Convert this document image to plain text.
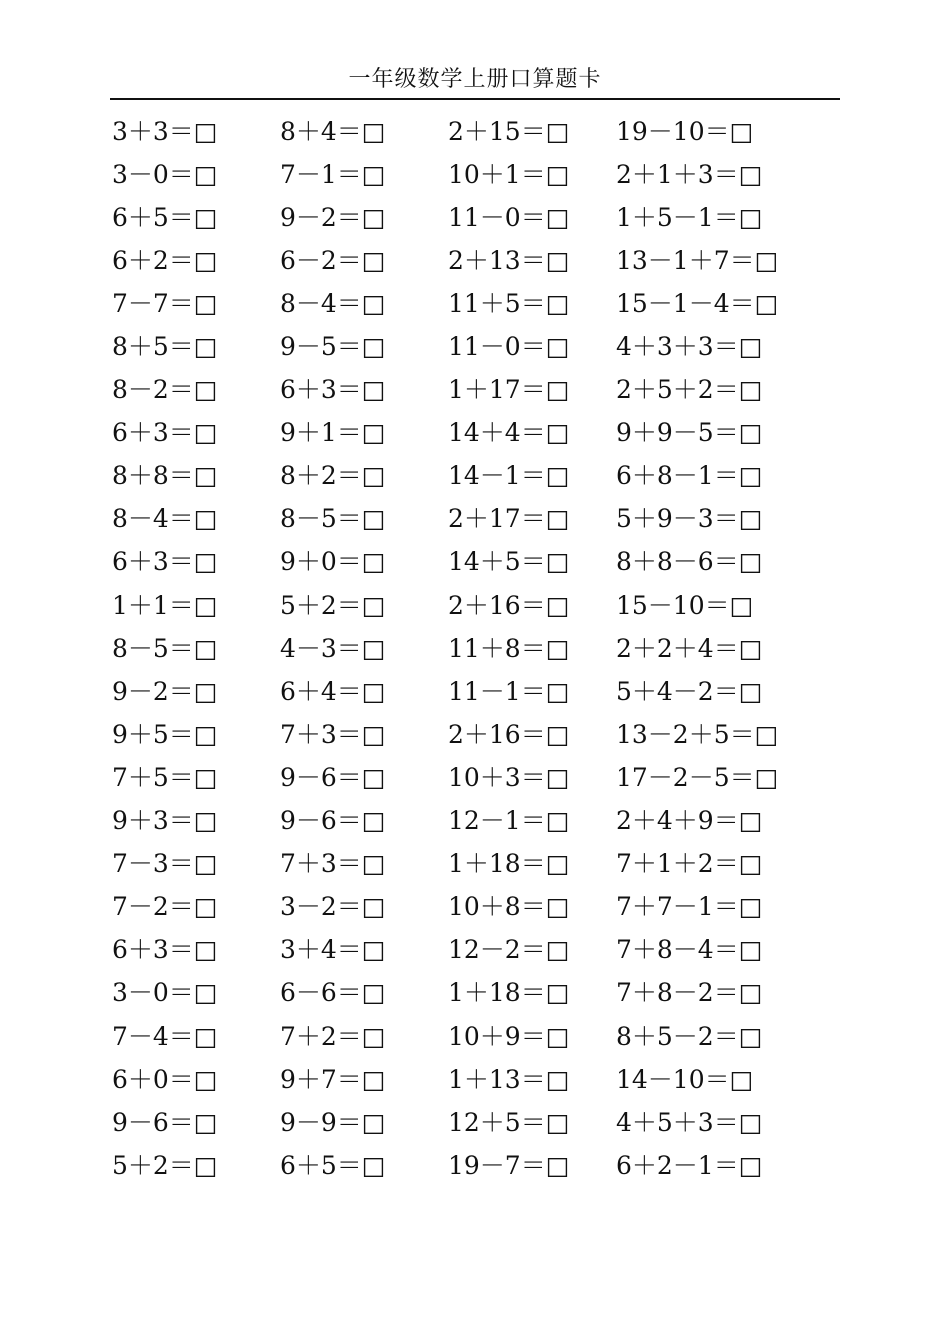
一年级数学上册口算题卡
3＋3＝□	8＋4＝□	2＋15＝□	19－10＝□
3－0＝□	7－1＝□	10＋1＝□	2＋1＋3＝□
6＋5＝□	9－2＝□	11－0＝□	1＋5－1＝□
6＋2＝□	6－2＝□	2＋13＝□	13－1＋7＝□
7－7＝□	8－4＝□	11＋5＝□	15－1－4＝□
8＋5＝□	9－5＝□	11－0＝□	4＋3＋3＝□
8－2＝□	6＋3＝□	1＋17＝□	2＋5＋2＝□
6＋3＝□	9＋1＝□	14＋4＝□	9＋9－5＝□
8＋8＝□	8＋2＝□	14－1＝□	6＋8－1＝□
8－4＝□	8－5＝□	2＋17＝□	5＋9－3＝□
6＋3＝□	9＋0＝□	14＋5＝□	8＋8－6＝□
1＋1＝□	5＋2＝□	2＋16＝□	15－10＝□
8－5＝□	4－3＝□	11＋8＝□	2＋2＋4＝□
9－2＝□	6＋4＝□	11－1＝□	5＋4－2＝□
9＋5＝□	7＋3＝□	2＋16＝□	13－2＋5＝□
7＋5＝□	9－6＝□	10＋3＝□	17－2－5＝□
9＋3＝□	9－6＝□	12－1＝□	2＋4＋9＝□
7－3＝□	7＋3＝□	1＋18＝□	7＋1＋2＝□
7－2＝□	3－2＝□	10＋8＝□	7＋7－1＝□
6＋3＝□	3＋4＝□	12－2＝□	7＋8－4＝□
3－0＝□	6－6＝□	1＋18＝□	7＋8－2＝□
7－4＝□	7＋2＝□	10＋9＝□	8＋5－2＝□
6＋0＝□	9＋7＝□	1＋13＝□	14－10＝□
9－6＝□	9－9＝□	12＋5＝□	4＋5＋3＝□
5＋2＝□	6＋5＝□	19－7＝□	6＋2－1＝□
